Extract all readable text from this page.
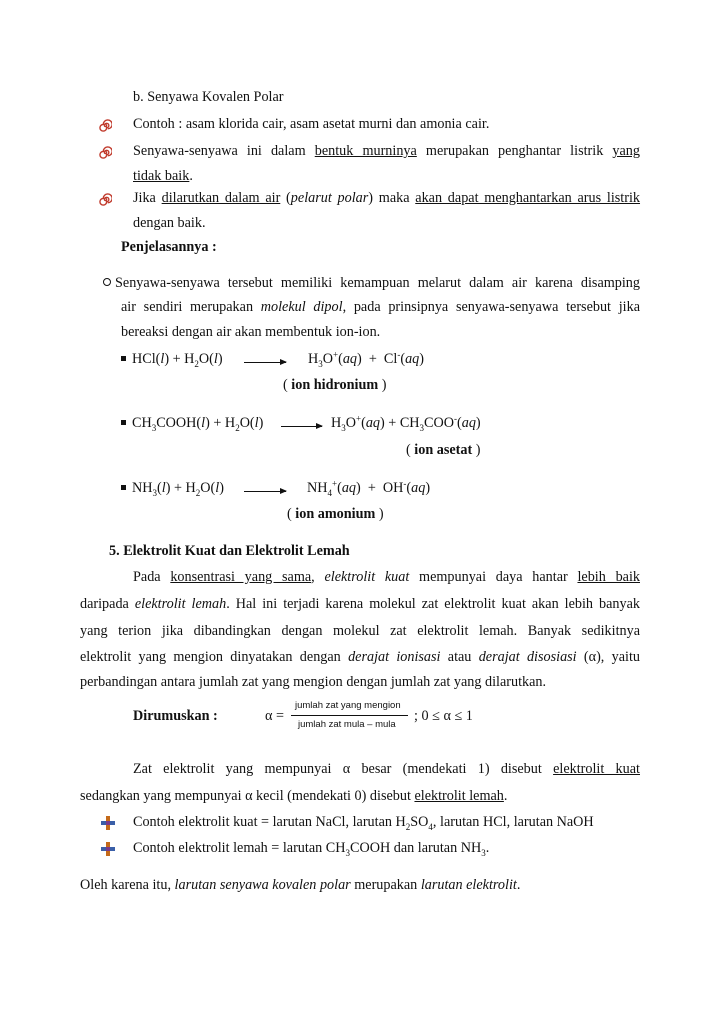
b. Senyawa Kovalen Polar
Contoh : asam klorida cair, asam asetat murni dan amonia cair.
Senyawa-senyawa ini dalam bentuk murninya merupakan penghantar listrik yang
tidak baik.
Jika dilarutkan dalam air (pelarut polar) maka akan dapat menghantarkan arus listrik
dengan baik.
Penjelasannya :
Senyawa-senyawa tersebut memiliki kemampuan melarut dalam air karena disamping
air sendiri merupakan molekul dipol, pada prinsipnya senyawa-senyawa tersebut jika
bereaksi dengan air akan membentuk ion-ion.
$HCl(l) + H_2O(l)$	$H_3O^+(aq) + Cl^-(aq)$
( ion hidronium )
$CH_3COOH(l) + H_2O(l) \to H_3O^+(aq) + CH_3COO^-(aq)$
( ion asetat )
$NH_3(l) + H_2O(l) \to NH_4^+(aq) + OH^-(aq)$
( ion amonium )
5. Elektrolit Kuat dan Elektrolit Lemah
Pada konsentrasi yang sama, elektrolit kuat mempunyai daya hantar lebih baik
daripada elektrolit lemah. Hal ini terjadi karena molekul zat elektrolit kuat akan lebih banyak
yang terion jika dibandingkan dengan molekul zat elektrolit lemah. Banyak sedikitnya
elektrolit yang mengion dinyatakan dengan derajat ionisasi atau derajat disosiasi (α), yaitu
perbandingan antara jumlah zat yang mengion dengan jumlah zat yang dilarutkan.
Dirumuskan :	α =
jumlah zat yang mengion
jumlah zat mula – mula
; 0 ≤ α ≤ 1
Zat elektrolit yang mempunyai α besar (mendekati 1) disebut elektrolit kuat
sedangkan yang mempunyai α kecil (mendekati 0) disebut elektrolit lemah.
Contoh elektrolit kuat = larutan NaCl, larutan $H_2SO_4$, larutan HCl, larutan NaOH
Contoh elektrolit lemah = larutan $CH_3COOH$ dan larutan $NH_3$.
Oleh karena itu, larutan senyawa kovalen polar merupakan larutan elektrolit.
